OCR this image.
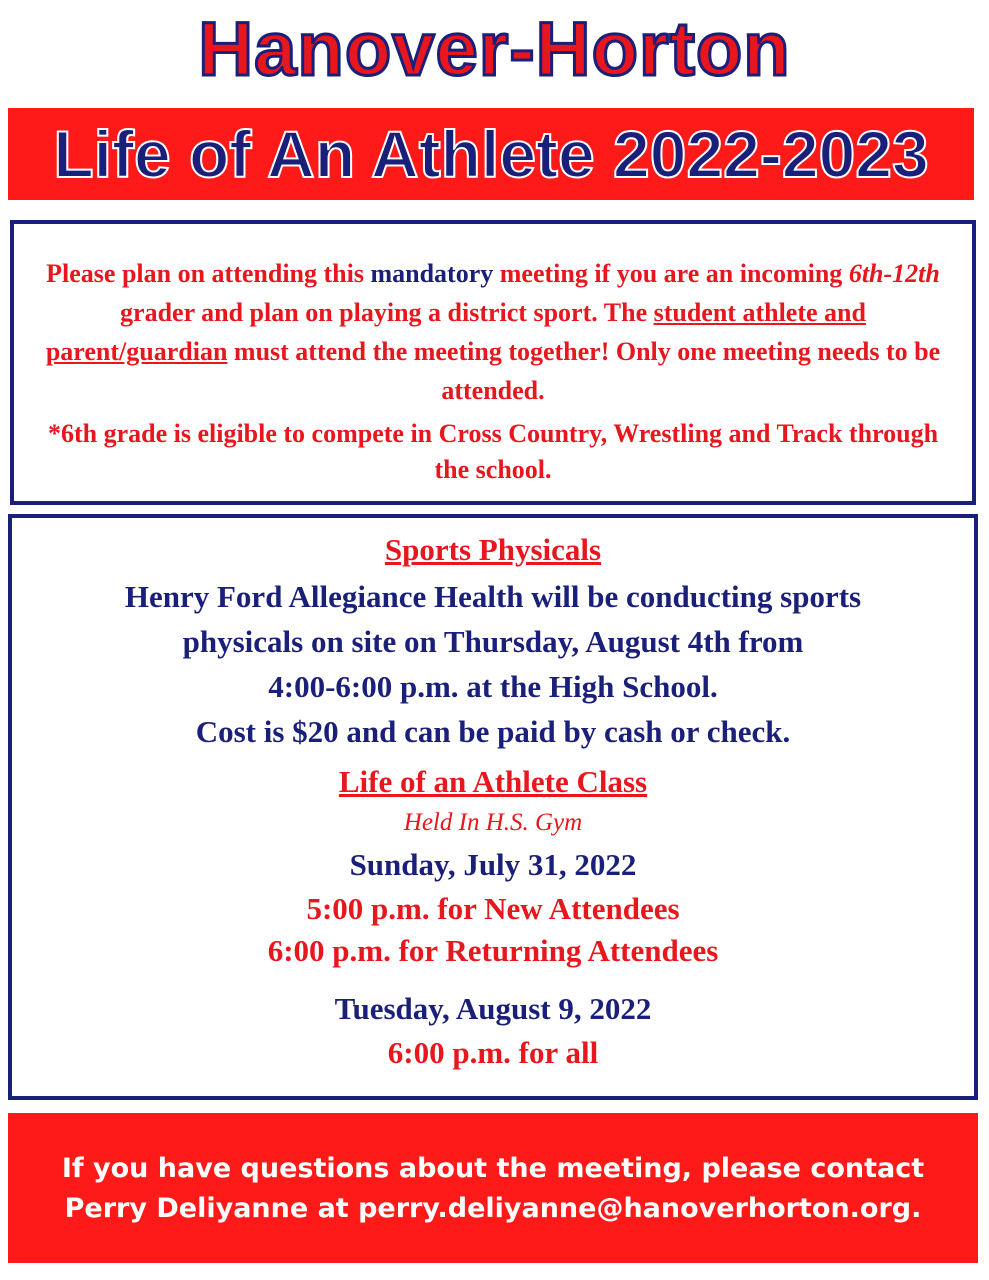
Hanover-Horton
Life of An Athlete 2022-2023
Please plan on attending this mandatory meeting if you are an incoming 6th-12th grader and plan on playing a district sport. The student athlete and parent/guardian must attend the meeting together! Only one meeting needs to be attended.
*6th grade is eligible to compete in Cross Country, Wrestling and Track through the school.
Sports Physicals
Henry Ford Allegiance Health will be conducting sports
physicals on site on Thursday, August 4th from
4:00-6:00 p.m. at the High School.
Cost is $20 and can be paid by cash or check.
Life of an Athlete Class
Held In H.S. Gym
Sunday, July 31, 2022
5:00 p.m. for New Attendees
6:00 p.m. for Returning Attendees
Tuesday, August 9, 2022
6:00 p.m. for all
If you have questions about the meeting, please contact
Perry Deliyanne at perry.deliyanne@hanoverhorton.org.
